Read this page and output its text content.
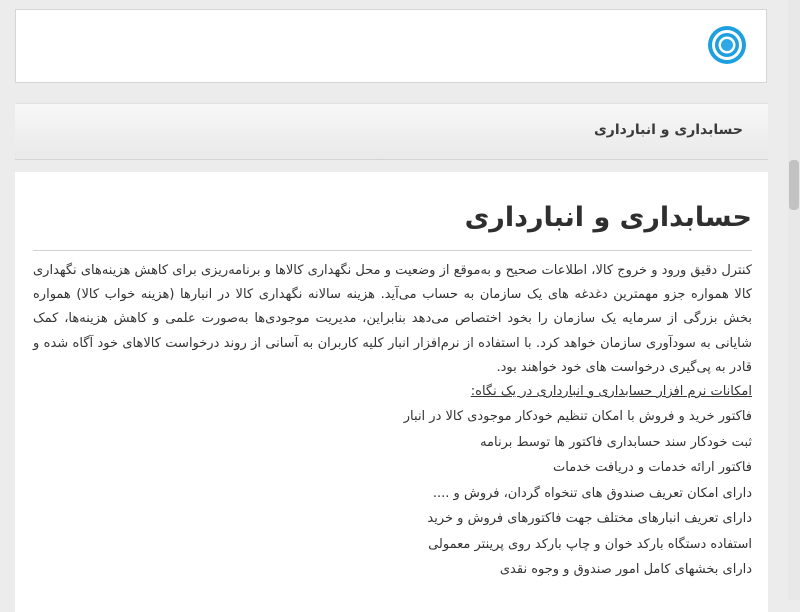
حسابداری و انبارداری
حسابداری و انبارداری

کنترل دقیق ورود و خروج کالا، اطلاعات صحیح و به‌موقع از وضعیت و محل نگهداری کالاها و برنامه‌ریزی برای کاهش هزینه‌های نگهداری کالا همواره جزو مهمترین دغدغه های یک سازمان به حساب می‌آید. هزینه سالانه نگهداری کالا در انبارها (هزینه خواب کالا) همواره بخش بزرگی از سرمایه یک سازمان را بخود اختصاص می‌دهد بنابراین، مدیریت موجودی‌ها به‌صورت علمی و کاهش هزینه‌ها، کمک شایانی به سودآوری سازمان خواهد کرد. با استفاده از نرم‌افزار انبار کلیه کاربران به آسانی از روند درخواست کالاهای خود آگاه شده و قادر به پی‌گیری درخواست های خود خواهند بود.

امکانات نرم افزار حسابداری و انبارداری در یک نگاه:

فاکتور خرید و فروش با امکان تنظیم خودکار موجودی کالا در انبار
ثبت خودکار سند حسابداری فاکتور ها توسط برنامه
فاکتور ارائه خدمات و دریافت خدمات
دارای امکان تعریف صندوق های تنخواه گردان، فروش و ....
دارای تعریف انبارهای مختلف جهت فاکتورهای فروش و خرید
استفاده دستگاه بارکد خوان و چاپ بارکد روی پرینتر معمولی
دارای بخشهای کامل امور صندوق و وجوه نقدی
